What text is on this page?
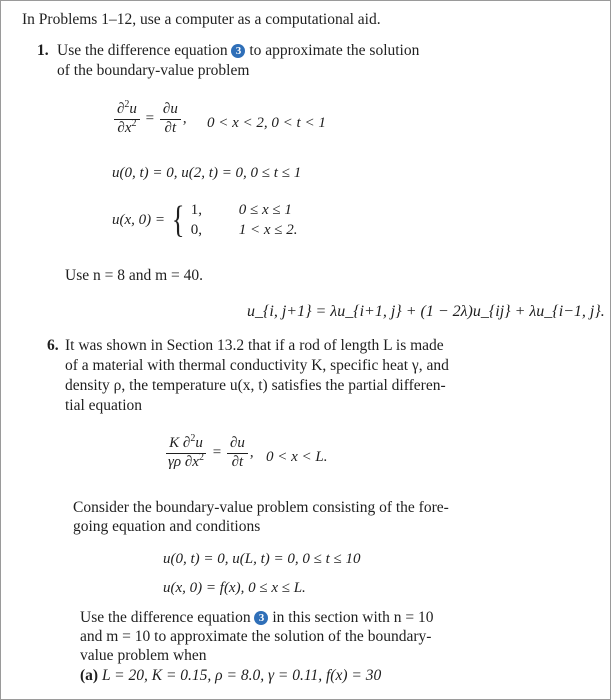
In Problems 1–12, use a computer as a computational aid.
1. Use the difference equation 3 to approximate the solution
of the boundary-value problem
$\frac{\partial^2u}{\partial x^2} = \frac{\partial u}{\partial t}$ , 0 < x < 2, 0 < t < 1
u(0, t) = 0, u(2, t) = 0, 0 ≤ t ≤ 1
u(x, 0) = { 1, 0 ≤ x ≤ 1
0, 1 < x ≤ 2.
Use n = 8 and m = 40.
u_{i, j+1} = λu_{i+1, j} + (1 − 2λ)u_{ij} + λu_{i−1, j}.
6. It was shown in Section 13.2 that if a rod of length L is made
of a material with thermal conductivity K, specific heat γ, and
density ρ, the temperature u(x, t) satisfies the partial differen-
tial equation
$\frac{K \partial^2u}{\gamma\rho \partial x^2} = \frac{\partial u}{\partial t}$ , 0 < x < L.
Consider the boundary-value problem consisting of the fore-
going equation and conditions
u(0, t) = 0, u(L, t) = 0, 0 ≤ t ≤ 10
u(x, 0) = f(x), 0 ≤ x ≤ L.
Use the difference equation 3 in this section with n = 10
and m = 10 to approximate the solution of the boundary-
value problem when
(a) L = 20, K = 0.15, ρ = 8.0, γ = 0.11, f(x) = 30
